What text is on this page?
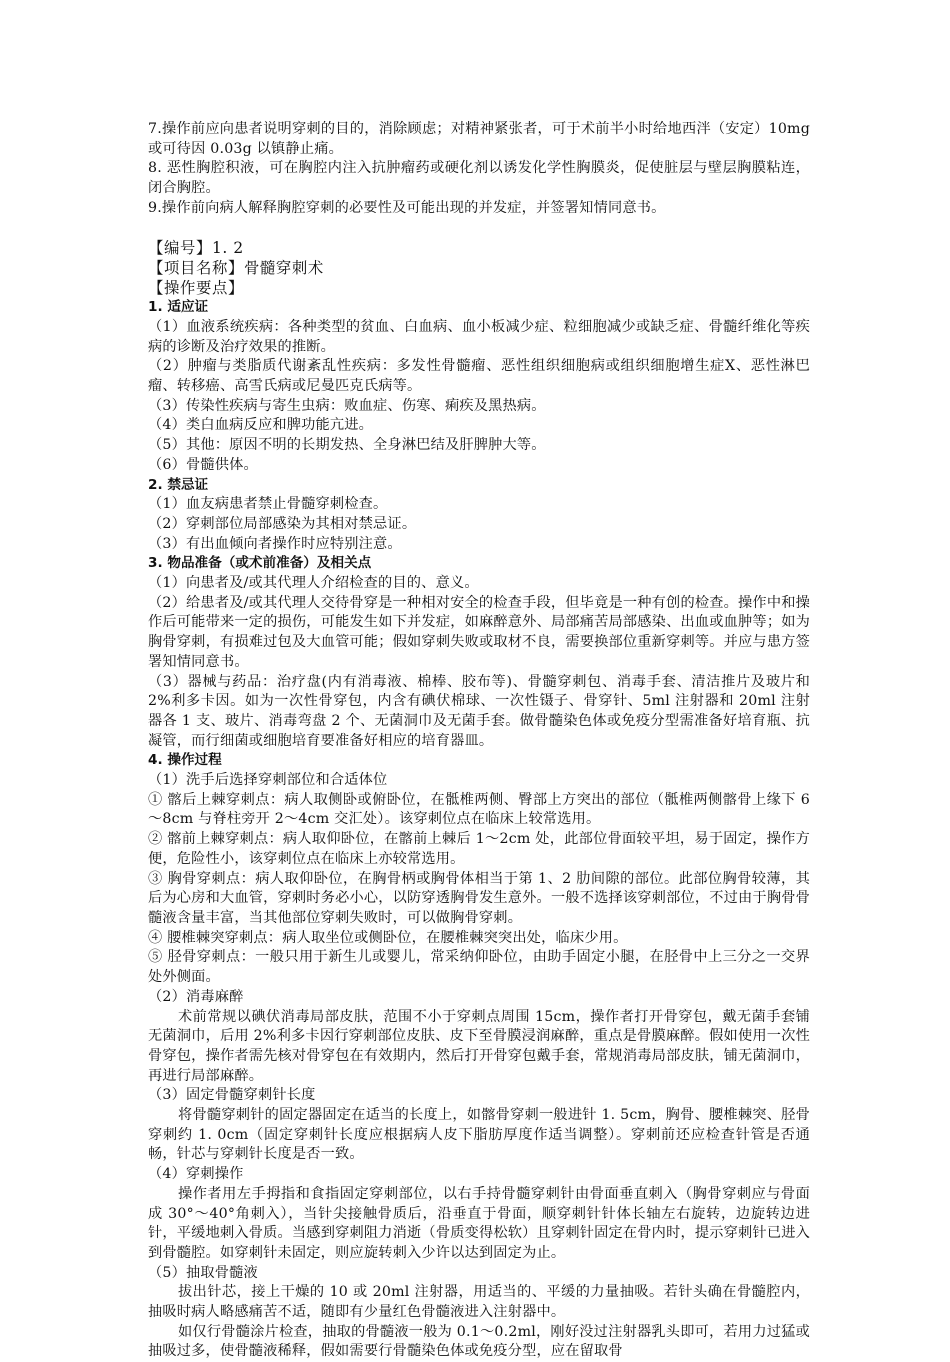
7.操作前应向患者说明穿刺的目的，消除顾虑；对精神紧张者，可于术前半小时给地西泮（安定）10mg 或可待因 0.03g 以镇静止痛。

8. 恶性胸腔积液，可在胸腔内注入抗肿瘤药或硬化剂以诱发化学性胸膜炎，促使脏层与壁层胸膜粘连，闭合胸腔。

9.操作前向病人解释胸腔穿刺的必要性及可能出现的并发症，并签署知情同意书。

【编号】1. 2

【项目名称】骨髓穿刺术

【操作要点】

1. 适应证

（1）血液系统疾病：各种类型的贫血、白血病、血小板减少症、粒细胞减少或缺乏症、骨髓纤维化等疾病的诊断及治疗效果的推断。

（2）肿瘤与类脂质代谢紊乱性疾病：多发性骨髓瘤、恶性组织细胞病或组织细胞增生症X、恶性淋巴瘤、转移癌、高雪氏病或尼曼匹克氏病等。

（3）传染性疾病与寄生虫病：败血症、伤寒、痢疾及黑热病。

（4）类白血病反应和脾功能亢进。

（5）其他：原因不明的长期发热、全身淋巴结及肝脾肿大等。

（6）骨髓供体。

2. 禁忌证

（1）血友病患者禁止骨髓穿刺检查。

（2）穿刺部位局部感染为其相对禁忌证。

（3）有出血倾向者操作时应特别注意。

3. 物品准备（或术前准备）及相关点

（1）向患者及/或其代理人介绍检查的目的、意义。

（2）给患者及/或其代理人交待骨穿是一种相对安全的检查手段，但毕竟是一种有创的检查。操作中和操作后可能带来一定的损伤，可能发生如下并发症，如麻醉意外、局部痛苦局部感染、出血或血肿等；如为胸骨穿刺，有损难过包及大血管可能；假如穿刺失败或取材不良，需要换部位重新穿刺等。并应与患方签署知情同意书。

（3）器械与药品：治疗盘(内有消毒液、棉棒、胶布等)、骨髓穿刺包、消毒手套、清洁推片及玻片和 2%利多卡因。如为一次性骨穿包，内含有碘伏棉球、一次性镊子、骨穿针、5ml 注射器和 20ml 注射器各 1 支、玻片、消毒弯盘 2 个、无菌洞巾及无菌手套。做骨髓染色体或免疫分型需准备好培育瓶、抗凝管，而行细菌或细胞培育要准备好相应的培育器皿。

4. 操作过程

（1）洗手后选择穿刺部位和合适体位

① 髂后上棘穿刺点：病人取侧卧或俯卧位，在骶椎两侧、臀部上方突出的部位（骶椎两侧髂骨上缘下 6～8cm 与脊柱旁开 2～4cm 交汇处）。该穿刺位点在临床上较常选用。

② 髂前上棘穿刺点：病人取仰卧位，在髂前上棘后 1～2cm 处，此部位骨面较平坦，易于固定，操作方便，危险性小，该穿刺位点在临床上亦较常选用。

③ 胸骨穿刺点：病人取仰卧位，在胸骨柄或胸骨体相当于第 1、2 肋间隙的部位。此部位胸骨较薄，其后为心房和大血管，穿刺时务必小心，以防穿透胸骨发生意外。一般不选择该穿刺部位，不过由于胸骨骨髓液含量丰富，当其他部位穿刺失败时，可以做胸骨穿刺。

④ 腰椎棘突穿刺点：病人取坐位或侧卧位，在腰椎棘突突出处，临床少用。

⑤ 胫骨穿刺点：一般只用于新生儿或婴儿，常采纳仰卧位，由助手固定小腿，在胫骨中上三分之一交界处外侧面。

（2）消毒麻醉

术前常规以碘伏消毒局部皮肤，范围不小于穿刺点周围 15cm，操作者打开骨穿包，戴无菌手套铺无菌洞巾，后用 2%利多卡因行穿刺部位皮肤、皮下至骨膜浸润麻醉，重点是骨膜麻醉。假如使用一次性骨穿包，操作者需先核对骨穿包在有效期内，然后打开骨穿包戴手套，常规消毒局部皮肤，铺无菌洞巾，再进行局部麻醉。

（3）固定骨髓穿刺针长度

将骨髓穿刺针的固定器固定在适当的长度上，如髂骨穿刺一般进针 1. 5cm，胸骨、腰椎棘突、胫骨穿刺约 1. 0cm（固定穿刺针长度应根据病人皮下脂肪厚度作适当调整）。穿刺前还应检查针管是否通畅，针芯与穿刺针长度是否一致。

（4）穿刺操作

操作者用左手拇指和食指固定穿刺部位，以右手持骨髓穿刺针由骨面垂直刺入（胸骨穿刺应与骨面成 30°～40°角刺入），当针尖接触骨质后，沿垂直于骨面，顺穿刺针针体长轴左右旋转，边旋转边进针，平缓地刺入骨质。当感到穿刺阻力消逝（骨质变得松软）且穿刺针固定在骨内时，提示穿刺针已进入到骨髓腔。如穿刺针未固定，则应旋转刺入少许以达到固定为止。

（5）抽取骨髓液

拔出针芯，接上干燥的 10 或 20ml 注射器，用适当的、平缓的力量抽吸。若针头确在骨髓腔内，抽吸时病人略感痛苦不适，随即有少量红色骨髓液进入注射器中。

如仅行骨髓涂片检查，抽取的骨髓液一般为 0.1～0.2ml，刚好没过注射器乳头即可，若用力过猛或抽吸过多，使骨髓液稀释，假如需要行骨髓染色体或免疫分型，应在留取骨
